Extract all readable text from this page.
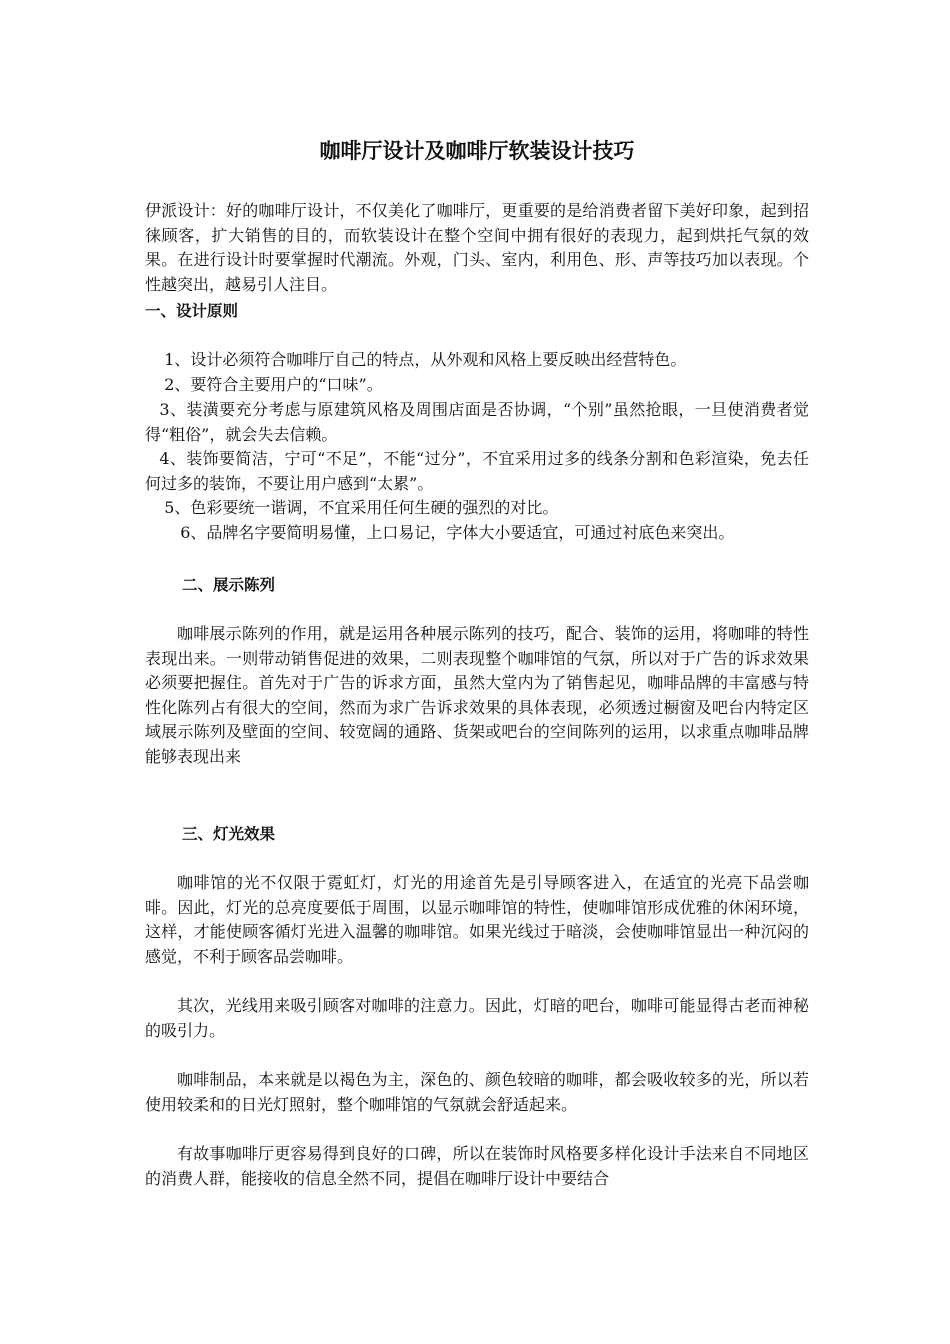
咖啡厅设计及咖啡厅软装设计技巧

伊派设计：好的咖啡厅设计，不仅美化了咖啡厅，更重要的是给消费者留下美好印象，起到招徕顾客，扩大销售的目的，而软装设计在整个空间中拥有很好的表现力，起到烘托气氛的效果。在进行设计时要掌握时代潮流。外观，门头、室内，利用色、形、声等技巧加以表现。个性越突出，越易引人注目。

一、设计原则

1、设计必须符合咖啡厅自己的特点，从外观和风格上要反映出经营特色。

2、要符合主要用户的“口味”。

3、装潢要充分考虑与原建筑风格及周围店面是否协调，“个别”虽然抢眼，一旦使消费者觉得“粗俗”，就会失去信赖。

4、装饰要简洁，宁可“不足”，不能“过分”，不宜采用过多的线条分割和色彩渲染，免去任何过多的装饰，不要让用户感到“太累”。

5、色彩要统一谐调，不宜采用任何生硬的强烈的对比。

6、品牌名字要简明易懂，上口易记，字体大小要适宜，可通过衬底色来突出。

二、展示陈列

咖啡展示陈列的作用，就是运用各种展示陈列的技巧，配合、装饰的运用，将咖啡的特性表现出来。一则带动销售促进的效果，二则表现整个咖啡馆的气氛，所以对于广告的诉求效果必须要把握住。首先对于广告的诉求方面，虽然大堂内为了销售起见，咖啡品牌的丰富感与特性化陈列占有很大的空间，然而为求广告诉求效果的具体表现，必须透过橱窗及吧台内特定区域展示陈列及壁面的空间、较宽阔的通路、货架或吧台的空间陈列的运用，以求重点咖啡品牌能够表现出来

三、灯光效果

咖啡馆的光不仅限于霓虹灯，灯光的用途首先是引导顾客进入，在适宜的光亮下品尝咖啡。因此，灯光的总亮度要低于周围，以显示咖啡馆的特性，使咖啡馆形成优雅的休闲环境，这样，才能使顾客循灯光进入温馨的咖啡馆。如果光线过于暗淡，会使咖啡馆显出一种沉闷的感觉，不利于顾客品尝咖啡。

其次，光线用来吸引顾客对咖啡的注意力。因此，灯暗的吧台，咖啡可能显得古老而神秘的吸引力。

咖啡制品，本来就是以褐色为主，深色的、颜色较暗的咖啡，都会吸收较多的光，所以若使用较柔和的日光灯照射，整个咖啡馆的气氛就会舒适起来。

有故事咖啡厅更容易得到良好的口碑，所以在装饰时风格要多样化设计手法来自不同地区的消费人群，能接收的信息全然不同，提倡在咖啡厅设计中要结合
